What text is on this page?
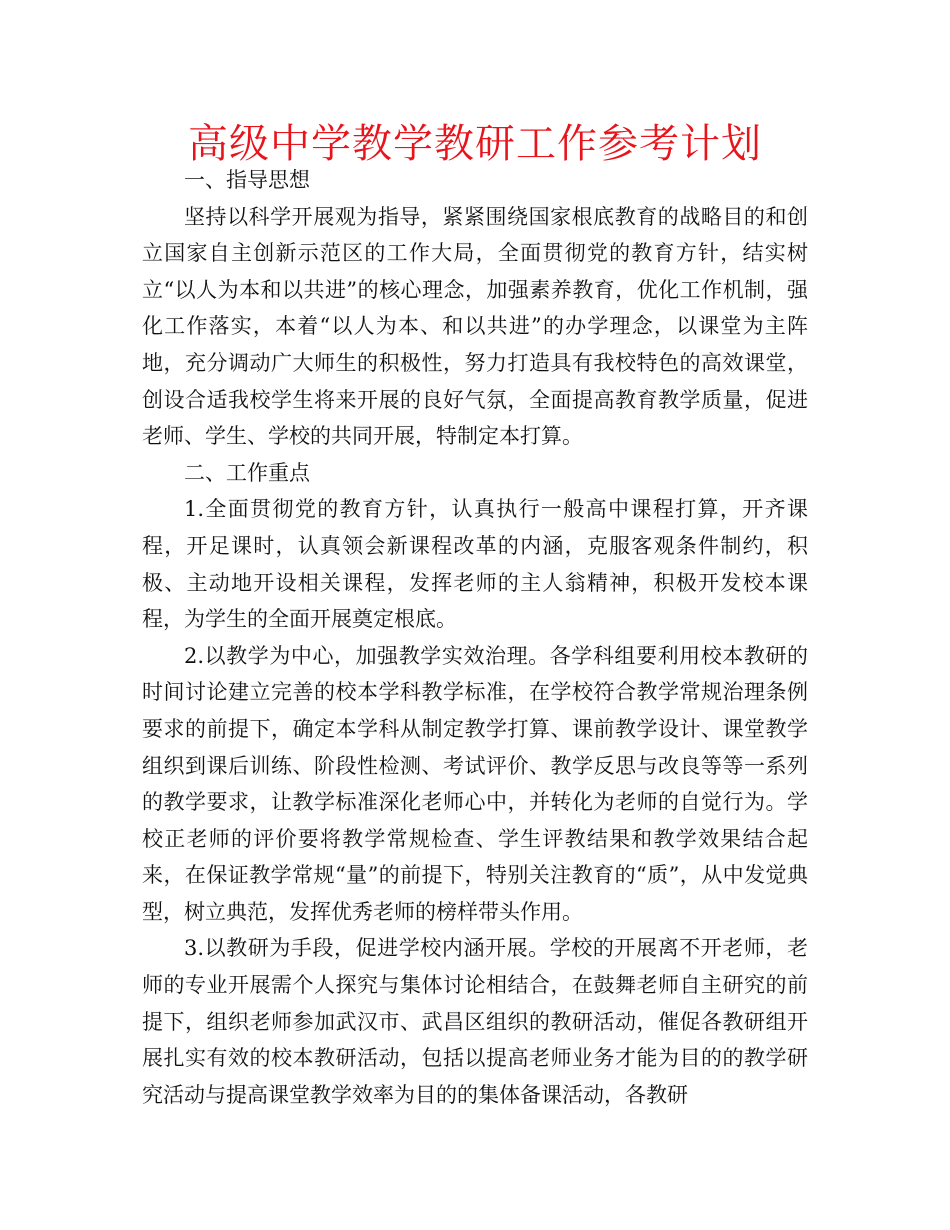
高级中学教学教研工作参考计划

一、指导思想

坚持以科学开展观为指导，紧紧围绕国家根底教育的战略目的和创立国家自主创新示范区的工作大局，全面贯彻党的教育方针，结实树立“以人为本和以共进”的核心理念，加强素养教育，优化工作机制，强化工作落实，本着“以人为本、和以共进”的办学理念，以课堂为主阵地，充分调动广大师生的积极性，努力打造具有我校特色的高效课堂，创设合适我校学生将来开展的良好气氛，全面提高教育教学质量，促进老师、学生、学校的共同开展，特制定本打算。

二、工作重点

1.全面贯彻党的教育方针，认真执行一般高中课程打算，开齐课程，开足课时，认真领会新课程改革的内涵，克服客观条件制约，积极、主动地开设相关课程，发挥老师的主人翁精神，积极开发校本课程，为学生的全面开展奠定根底。

2.以教学为中心，加强教学实效治理。各学科组要利用校本教研的时间讨论建立完善的校本学科教学标准，在学校符合教学常规治理条例要求的前提下，确定本学科从制定教学打算、课前教学设计、课堂教学组织到课后训练、阶段性检测、考试评价、教学反思与改良等等一系列的教学要求，让教学标准深化老师心中，并转化为老师的自觉行为。学校正老师的评价要将教学常规检查、学生评教结果和教学效果结合起来，在保证教学常规“量”的前提下，特别关注教育的“质”，从中发觉典型，树立典范，发挥优秀老师的榜样带头作用。

3.以教研为手段，促进学校内涵开展。学校的开展离不开老师，老师的专业开展需个人探究与集体讨论相结合，在鼓舞老师自主研究的前提下，组织老师参加武汉市、武昌区组织的教研活动，催促各教研组开展扎实有效的校本教研活动，包括以提高老师业务才能为目的的教学研究活动与提高课堂教学效率为目的的集体备课活动，各教研
